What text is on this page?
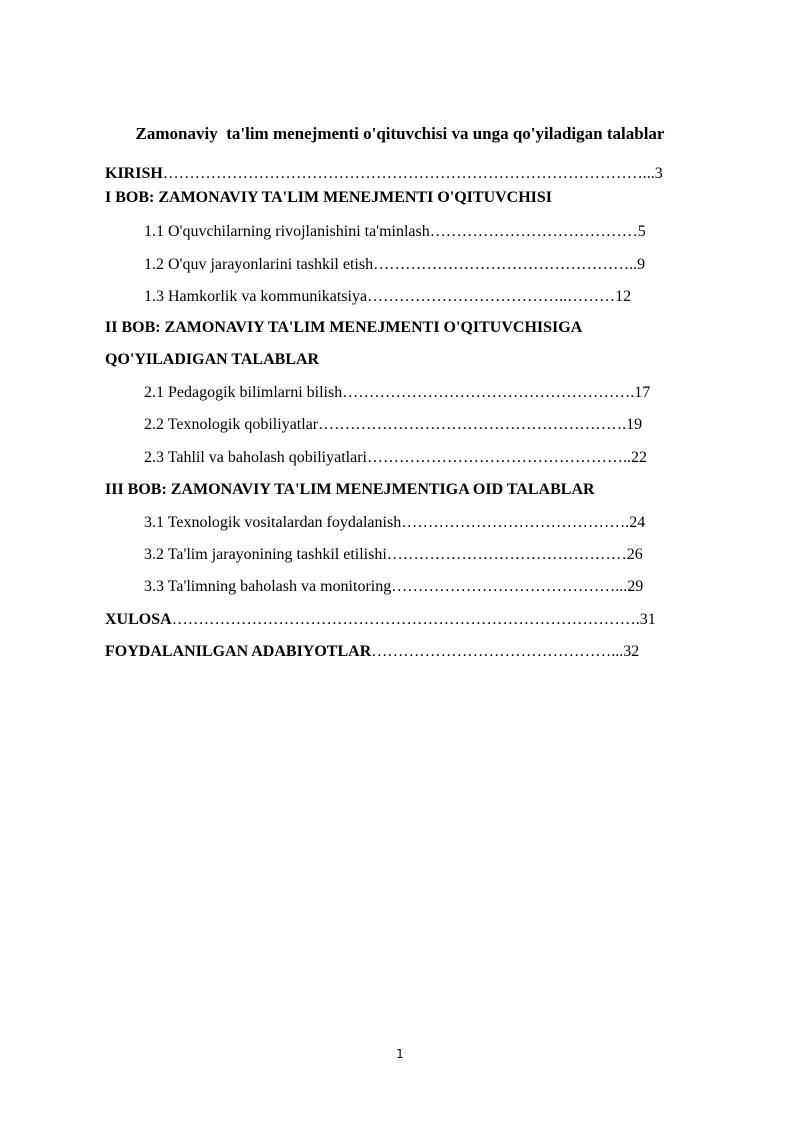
Zamonaviy  ta'lim menejmenti o'qituvchisi va unga qo'yiladigan talablar
KIRISH………………………………………………………………………………...3
I BOB: ZAMONAVIY TA'LIM MENEJMENTI O'QITUVCHISI
1.1 O'quvchilarning rivojlanishini ta'minlash…………………………………5
1.2 O'quv jarayonlarini tashkil etish…………………………………………..9
1.3 Hamkorlik va kommunikatsiya………………………………..………12
II BOB: ZAMONAVIY TA'LIM MENEJMENTI O'QITUVCHISIGA
QO'YILADIGAN TALABLAR
2.1 Pedagogik bilimlarni bilish……………………………………………….17
2.2 Texnologik qobiliyatlar………………………………………………….19
2.3 Tahlil va baholash qobiliyatlari…………………………………………..22
III BOB: ZAMONAVIY TA'LIM MENEJMENTIGA OID TALABLAR
3.1 Texnologik vositalardan foydalanish…………………………………….24
3.2 Ta'lim jarayonining tashkil etilishi………………………………………26
3.3 Ta'limning baholash va monitoring……………………………………...29
XULOSA…………………………………………………………………………….31
FOYDALANILGAN ADABIYOTLAR………………………………………...32
1
